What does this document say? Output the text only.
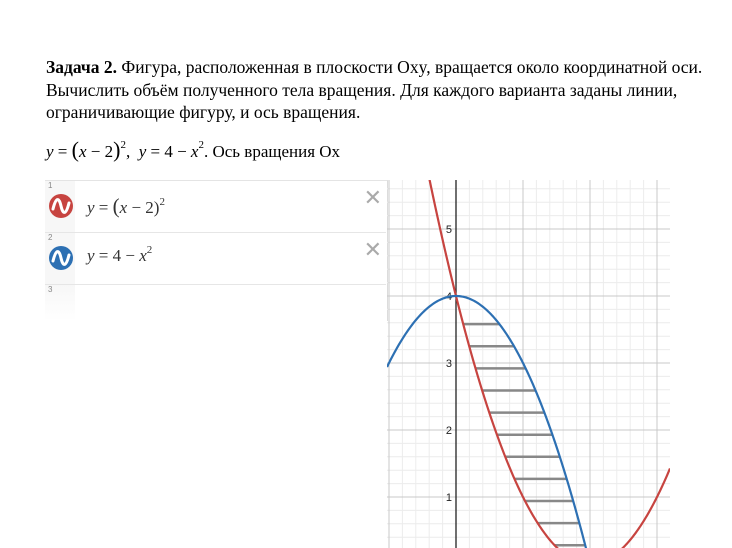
Задача 2. Фигура, расположенная в плоскости Oxy, вращается около координатной оси. Вычислить объём полученного тела вращения. Для каждого варианта заданы линии, ограничивающие фигуру, и ось вращения.
$y = (x - 2)^2$,  $y = 4 - x^2$. Ось вращения Ox
1
$y = (x - 2)^2$	✕
2
$y = 4 - x^2$	✕
3
1
2
3
4
5
